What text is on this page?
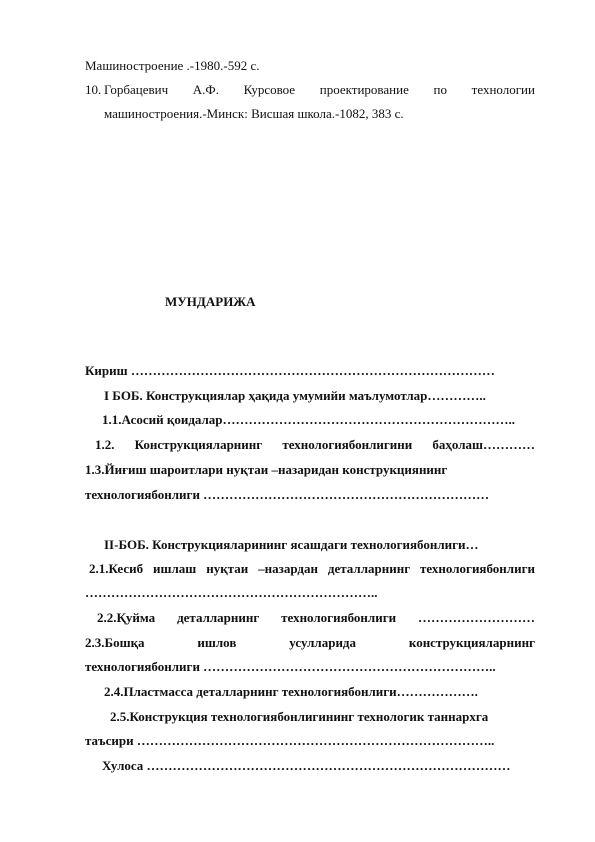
Машиностроение .-1980.-592 с.
10. Горбацевич А.Ф. Курсовое проектирование по технологии
машиностроения.-Минск: Висшая школа.-1082, 383 с.
МУНДАРИЖА
Кириш …………………………………………………………………………
I БОБ. Конструкциялар ҳақида умумийи маълумотлар…………..
1.1.Асосий қоидалар…………………………………………………………..
1.2. Конструкцияларнинг технологиябонлигини баҳолаш…………
1.3.Йиғиш шароитлари нуқтаи –назаридан конструкциянинг
технологиябонлиги …………………………………………………………
II-БОБ. Конструкцияларининг ясашдаги технологиябонлиги…
2.1.Кесиб ишлаш нуқтаи –назардан деталларнинг технологиябонлиги
…………………………………………………………..
2.2.Қуйма деталларнинг технологиябонлиги ………………………
2.3.Бошқа	ишлов	усулларида	конструкцияларнинг
технологиябонлиги …………………………………………………………..
2.4.Пластмасса деталларнинг технологиябонлиги……………….
2.5.Конструкция технологиябонлигининг технологик таннархга
таъсири ………………………………………………………………………..
Хулоса …………………………………………………………………………
